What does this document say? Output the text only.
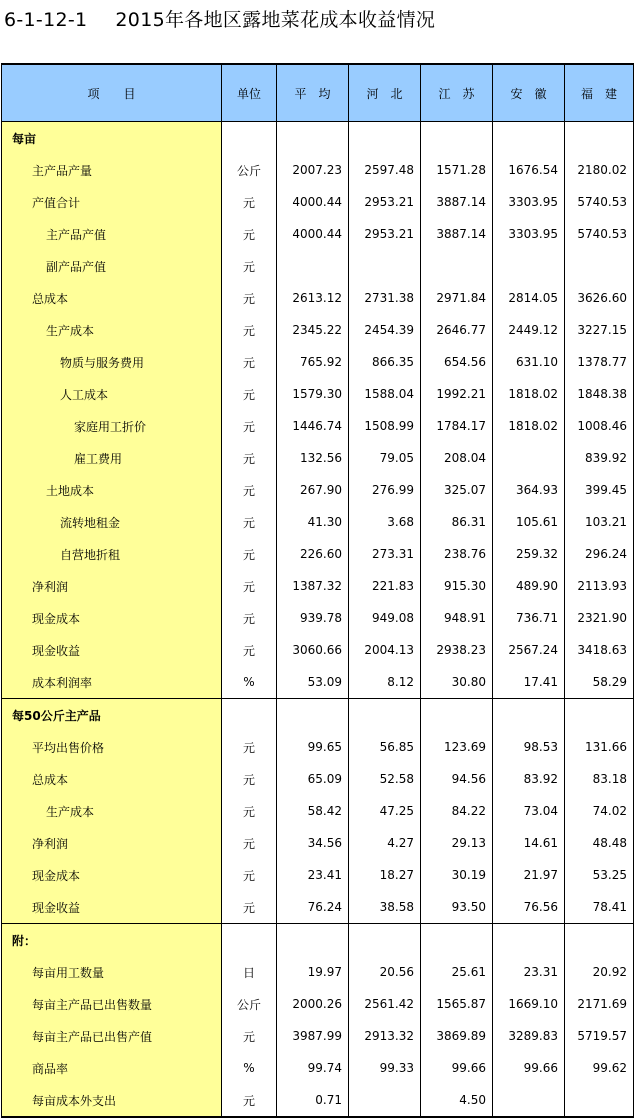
6-1-12-1 2015年各地区露地菜花成本收益情况
项　　目	单位	平　均	河　北	江　苏	安　徽	福　建
每亩						
主产品产量	公斤	2007.23	2597.48	1571.28	1676.54	2180.02
产值合计	元	4000.44	2953.21	3887.14	3303.95	5740.53
主产品产值	元	4000.44	2953.21	3887.14	3303.95	5740.53
副产品产值	元					
总成本	元	2613.12	2731.38	2971.84	2814.05	3626.60
生产成本	元	2345.22	2454.39	2646.77	2449.12	3227.15
物质与服务费用	元	765.92	866.35	654.56	631.10	1378.77
人工成本	元	1579.30	1588.04	1992.21	1818.02	1848.38
家庭用工折价	元	1446.74	1508.99	1784.17	1818.02	1008.46
雇工费用	元	132.56	79.05	208.04		839.92
土地成本	元	267.90	276.99	325.07	364.93	399.45
流转地租金	元	41.30	3.68	86.31	105.61	103.21
自营地折租	元	226.60	273.31	238.76	259.32	296.24
净利润	元	1387.32	221.83	915.30	489.90	2113.93
现金成本	元	939.78	949.08	948.91	736.71	2321.90
现金收益	元	3060.66	2004.13	2938.23	2567.24	3418.63
成本利润率	%	53.09	8.12	30.80	17.41	58.29
每50公斤主产品						
平均出售价格	元	99.65	56.85	123.69	98.53	131.66
总成本	元	65.09	52.58	94.56	83.92	83.18
生产成本	元	58.42	47.25	84.22	73.04	74.02
净利润	元	34.56	4.27	29.13	14.61	48.48
现金成本	元	23.41	18.27	30.19	21.97	53.25
现金收益	元	76.24	38.58	93.50	76.56	78.41
附：						
每亩用工数量	日	19.97	20.56	25.61	23.31	20.92
每亩主产品已出售数量	公斤	2000.26	2561.42	1565.87	1669.10	2171.69
每亩主产品已出售产值	元	3987.99	2913.32	3869.89	3289.83	5719.57
商品率	%	99.74	99.33	99.66	99.66	99.62
每亩成本外支出	元	0.71		4.50		
